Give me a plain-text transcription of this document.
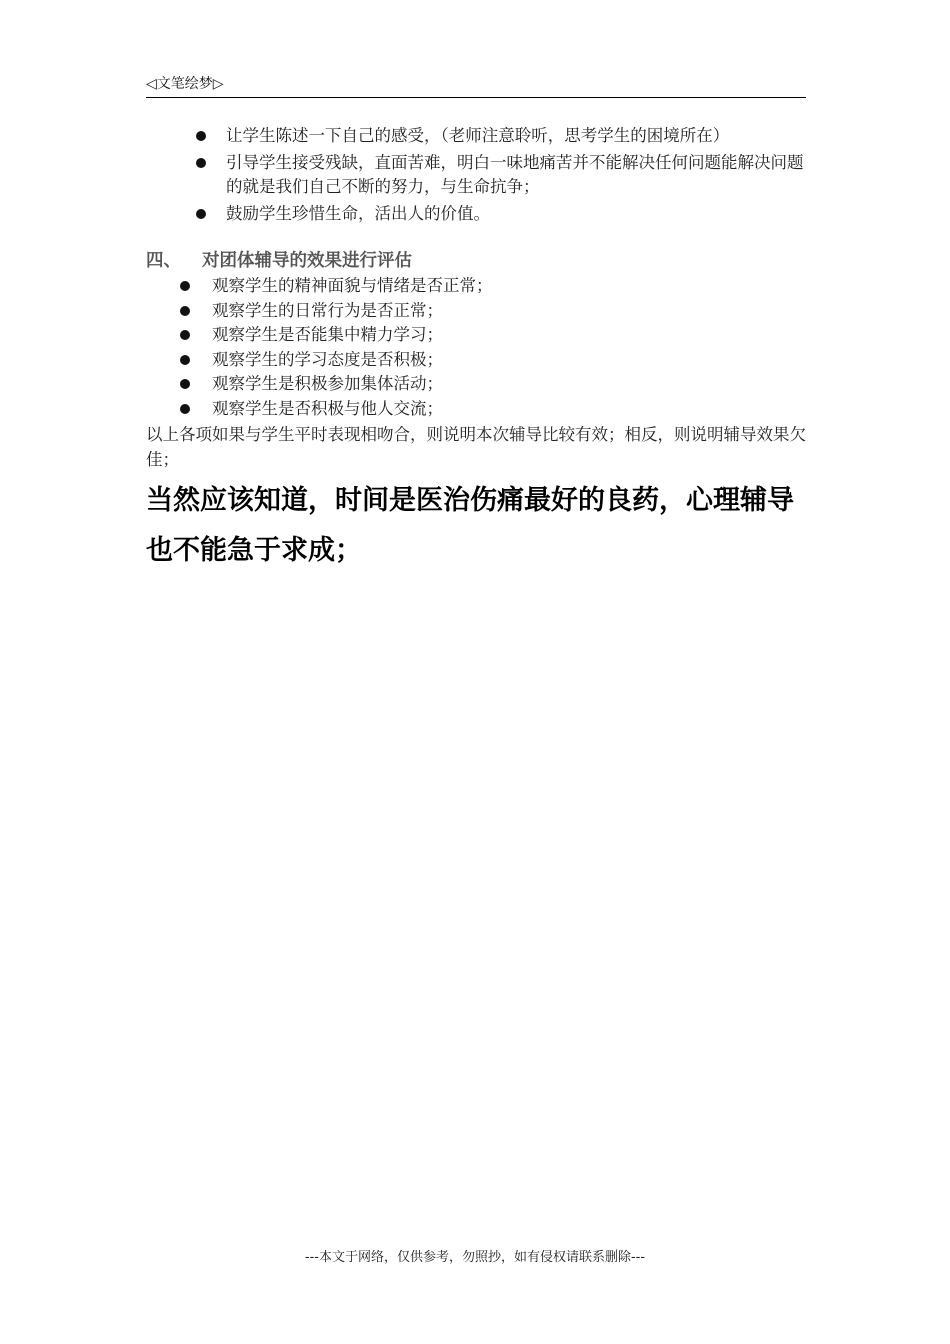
◁文笔绘梦▷
让学生陈述一下自己的感受，（老师注意聆听，思考学生的困境所在）
引导学生接受残缺，直面苦难，明白一味地痛苦并不能解决任何问题能解决问题的就是我们自己不断的努力，与生命抗争；
鼓励学生珍惜生命，活出人的价值。
四、 对团体辅导的效果进行评估
观察学生的精神面貌与情绪是否正常；
观察学生的日常行为是否正常；
观察学生是否能集中精力学习；
观察学生的学习态度是否积极；
观察学生是积极参加集体活动；
观察学生是否积极与他人交流；
以上各项如果与学生平时表现相吻合，则说明本次辅导比较有效；相反，则说明辅导效果欠佳；
当然应该知道，时间是医治伤痛最好的良药，心理辅导也不能急于求成；
---本文于网络，仅供参考，勿照抄，如有侵权请联系删除---
